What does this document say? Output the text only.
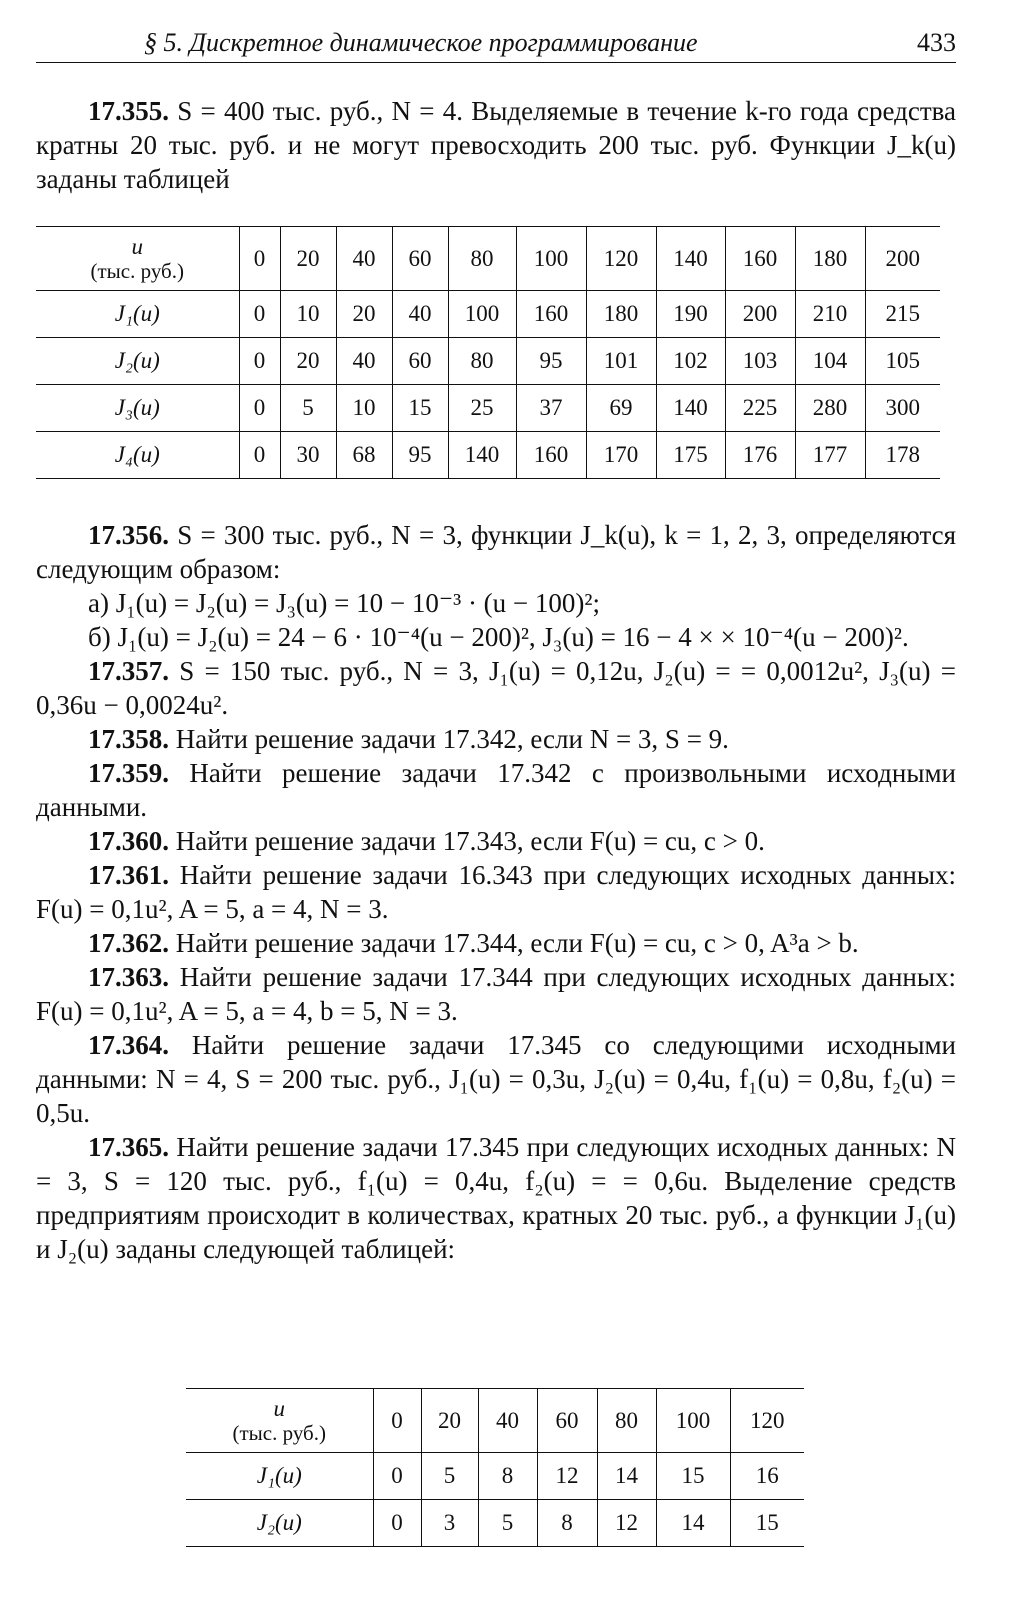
§ 5. Дискретное динамическое программирование	433

17.355. S = 400 тыс. руб., N = 4. Выделяемые в течение k-го года средства кратны 20 тыс. руб. и не могут превосходить 200 тыс. руб. Функции J_k(u) заданы таблицей

u
(тыс. руб.)	0	20	40	60	80	100	120	140	160	180	200
J₁(u)	0	10	20	40	100	160	180	190	200	210	215
J₂(u)	0	20	40	60	80	95	101	102	103	104	105
J₃(u)	0	5	10	15	25	37	69	140	225	280	300
J₄(u)	0	30	68	95	140	160	170	175	176	177	178

17.356. S = 300 тыс. руб., N = 3, функции J_k(u), k = 1, 2, 3, определяются следующим образом:

а) J₁(u) = J₂(u) = J₃(u) = 10 − 10⁻³ · (u − 100)²;

б) J₁(u) = J₂(u) = 24 − 6 · 10⁻⁴(u − 200)², J₃(u) = 16 − 4 × × 10⁻⁴(u − 200)².

17.357. S = 150 тыс. руб., N = 3, J₁(u) = 0,12u, J₂(u) = = 0,0012u², J₃(u) = 0,36u − 0,0024u².

17.358. Найти решение задачи 17.342, если N = 3, S = 9.

17.359. Найти решение задачи 17.342 с произвольными исходными данными.

17.360. Найти решение задачи 17.343, если F(u) = cu, c > 0.

17.361. Найти решение задачи 16.343 при следующих исходных данных: F(u) = 0,1u², A = 5, a = 4, N = 3.

17.362. Найти решение задачи 17.344, если F(u) = cu, c > 0, A³a > b.

17.363. Найти решение задачи 17.344 при следующих исходных данных: F(u) = 0,1u², A = 5, a = 4, b = 5, N = 3.

17.364. Найти решение задачи 17.345 со следующими исходными данными: N = 4, S = 200 тыс. руб., J₁(u) = 0,3u, J₂(u) = 0,4u, f₁(u) = 0,8u, f₂(u) = 0,5u.

17.365. Найти решение задачи 17.345 при следующих исходных данных: N = 3, S = 120 тыс. руб., f₁(u) = 0,4u, f₂(u) = = 0,6u. Выделение средств предприятиям происходит в количествах, кратных 20 тыс. руб., а функции J₁(u) и J₂(u) заданы следующей таблицей:

u
(тыс. руб.)	0	20	40	60	80	100	120
J₁(u)	0	5	8	12	14	15	16
J₂(u)	0	3	5	8	12	14	15
